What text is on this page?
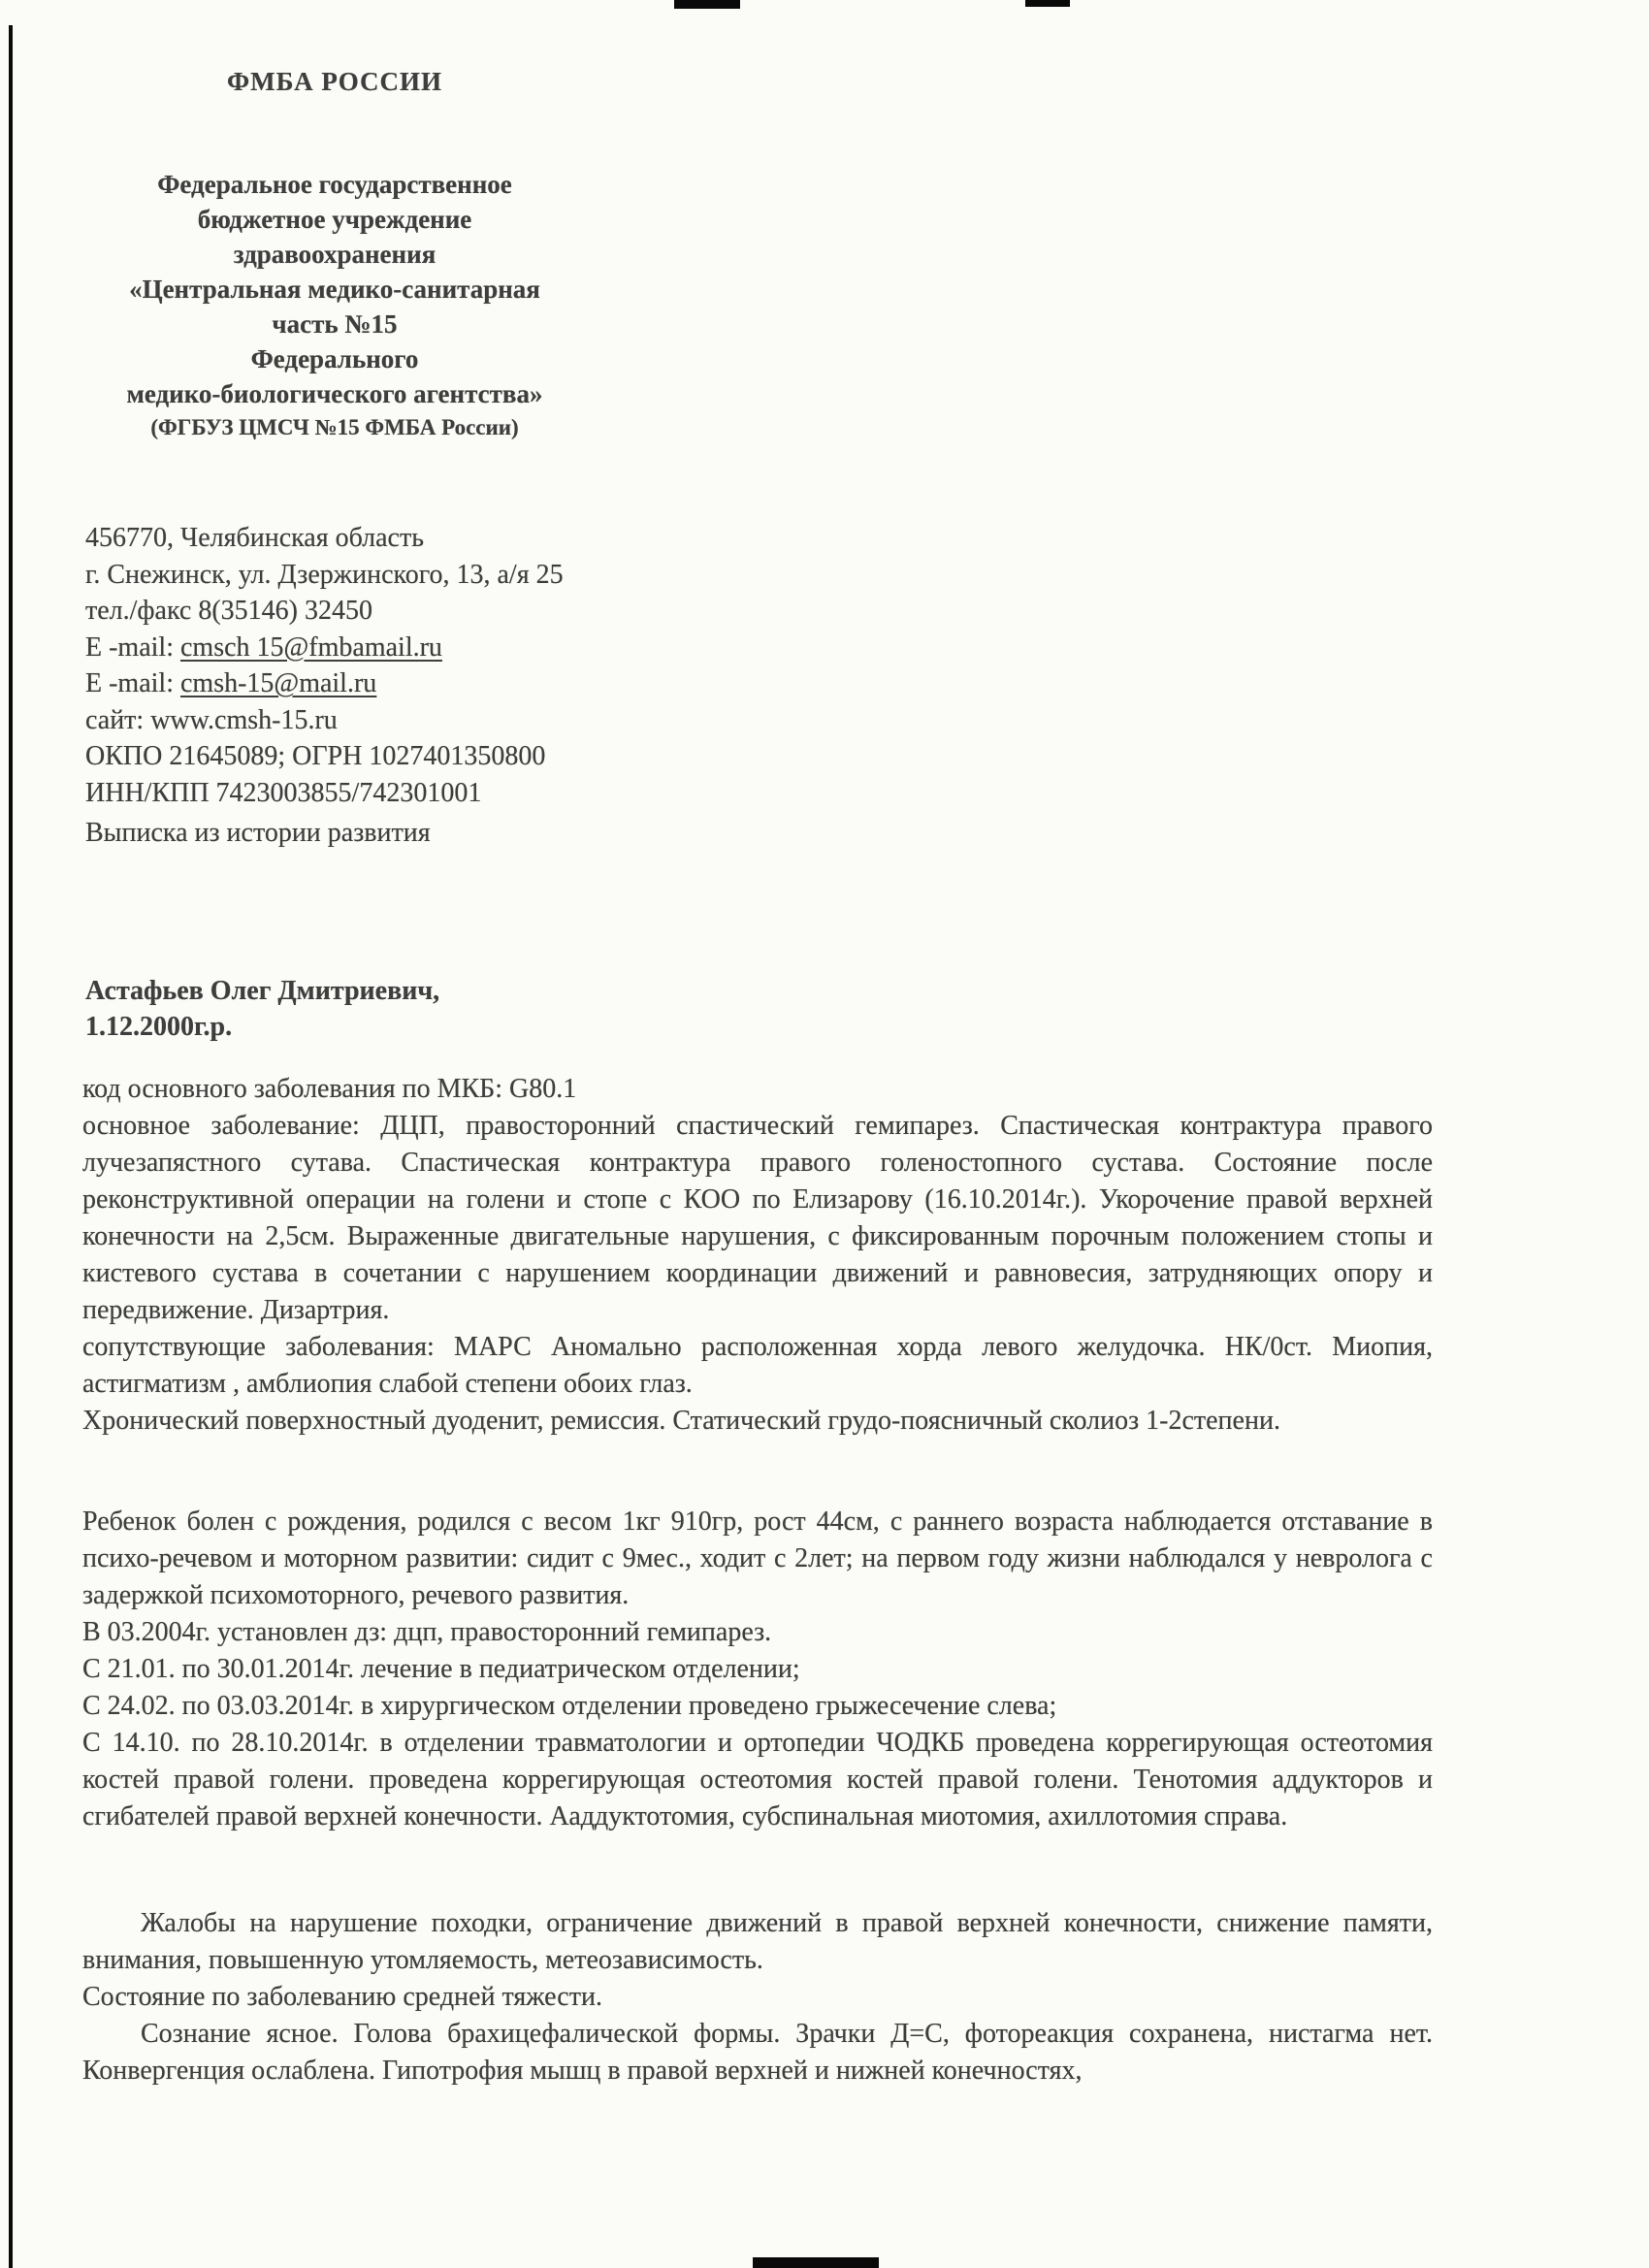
ФМБА РОССИИ
Федеральное государственное
бюджетное учреждение
здравоохранения
«Центральная медико-санитарная
часть №15
Федерального
медико-биологического агентства»
(ФГБУЗ ЦМСЧ №15 ФМБА России)
456770, Челябинская область
г. Снежинск, ул. Дзержинского, 13, а/я 25
тел./факс 8(35146) 32450
E -mail: cmsch 15@fmbamail.ru
E -mail: cmsh-15@mail.ru
сайт: www.cmsh-15.ru
ОКПО 21645089; ОГРН 1027401350800
ИНН/КПП 7423003855/742301001
Выписка из истории развития
Астафьев Олег Дмитриевич,
1.12.2000г.р.

код основного заболевания по МКБ: G80.1

основное заболевание: ДЦП, правосторонний спастический гемипарез. Спастическая контрактура правого лучезапястного сутава. Спастическая контрактура правого голеностопного сустава. Состояние после реконструктивной операции на голени и стопе с КОО по Елизарову (16.10.2014г.). Укорочение правой верхней конечности на 2,5см. Выраженные двигательные нарушения, с фиксированным порочным положением стопы и кистевого сустава в сочетании с нарушением координации движений и равновесия, затрудняющих опору и передвижение. Дизартрия.

сопутствующие заболевания: МАРС Аномально расположенная хорда левого желудочка. НК/0ст. Миопия, астигматизм , амблиопия слабой степени обоих глаз.

Хронический поверхностный дуоденит, ремиссия. Статический грудо-поясничный сколиоз 1-2степени.

Ребенок болен с рождения, родился с весом 1кг 910гр, рост 44см, с раннего возраста наблюдается отставание в психо-речевом и моторном развитии: сидит с 9мес., ходит с 2лет; на первом году жизни наблюдался у невролога с задержкой психомоторного, речевого развития.

В 03.2004г. установлен дз: дцп, правосторонний гемипарез.

С 21.01. по 30.01.2014г. лечение в педиатрическом отделении;

С 24.02. по 03.03.2014г. в хирургическом отделении проведено грыжесечение слева;

С 14.10. по 28.10.2014г. в отделении травматологии и ортопедии ЧОДКБ проведена коррегирующая остеотомия костей правой голени. проведена коррегирующая остеотомия костей правой голени. Тенотомия аддукторов и сгибателей правой верхней конечности. Ааддуктотомия, субспинальная миотомия, ахиллотомия справа.

Жалобы на нарушение походки, ограничение движений в правой верхней конечности, снижение памяти, внимания, повышенную утомляемость, метеозависимость.

Состояние по заболеванию средней тяжести.

Сознание ясное. Голова брахицефалической формы. Зрачки Д=С, фотореакция сохранена, нистагма нет. Конвергенция ослаблена. Гипотрофия мышц в правой верхней и нижней конечностях,
